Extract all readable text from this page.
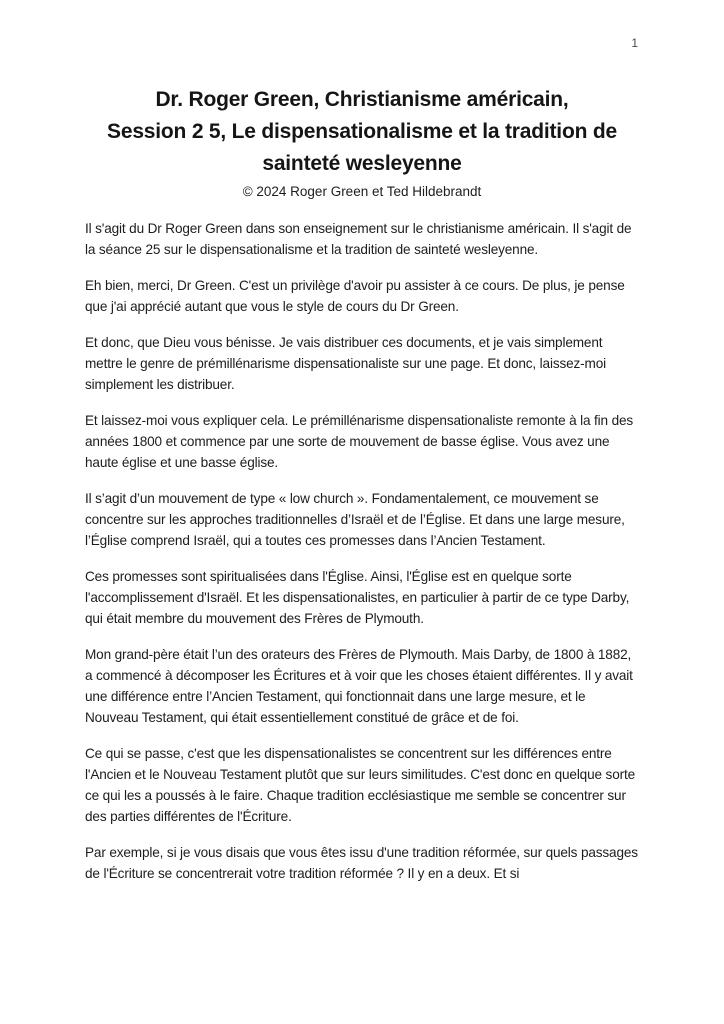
1
Dr. Roger Green, Christianisme américain,
Session 2 5, Le dispensationalisme et la tradition de
sainteté wesleyenne
© 2024 Roger Green et Ted Hildebrandt

Il s'agit du Dr Roger Green dans son enseignement sur le christianisme américain. Il s'agit de la séance 25 sur le dispensationalisme et la tradition de sainteté wesleyenne.

Eh bien, merci, Dr Green. C'est un privilège d'avoir pu assister à ce cours. De plus, je pense que j'ai apprécié autant que vous le style de cours du Dr Green.

Et donc, que Dieu vous bénisse. Je vais distribuer ces documents, et je vais simplement mettre le genre de prémillénarisme dispensationaliste sur une page. Et donc, laissez-moi simplement les distribuer.

Et laissez-moi vous expliquer cela. Le prémillénarisme dispensationaliste remonte à la fin des années 1800 et commence par une sorte de mouvement de basse église. Vous avez une haute église et une basse église.

Il s’agit d’un mouvement de type « low church ». Fondamentalement, ce mouvement se concentre sur les approches traditionnelles d’Israël et de l’Église. Et dans une large mesure, l’Église comprend Israël, qui a toutes ces promesses dans l’Ancien Testament.

Ces promesses sont spiritualisées dans l'Église. Ainsi, l'Église est en quelque sorte l'accomplissement d'Israël. Et les dispensationalistes, en particulier à partir de ce type Darby, qui était membre du mouvement des Frères de Plymouth.

Mon grand-père était l’un des orateurs des Frères de Plymouth. Mais Darby, de 1800 à 1882, a commencé à décomposer les Écritures et à voir que les choses étaient différentes. Il y avait une différence entre l’Ancien Testament, qui fonctionnait dans une large mesure, et le Nouveau Testament, qui était essentiellement constitué de grâce et de foi.

Ce qui se passe, c'est que les dispensationalistes se concentrent sur les différences entre l'Ancien et le Nouveau Testament plutôt que sur leurs similitudes. C'est donc en quelque sorte ce qui les a poussés à le faire. Chaque tradition ecclésiastique me semble se concentrer sur des parties différentes de l'Écriture.

Par exemple, si je vous disais que vous êtes issu d'une tradition réformée, sur quels passages de l'Écriture se concentrerait votre tradition réformée ? Il y en a deux. Et si
